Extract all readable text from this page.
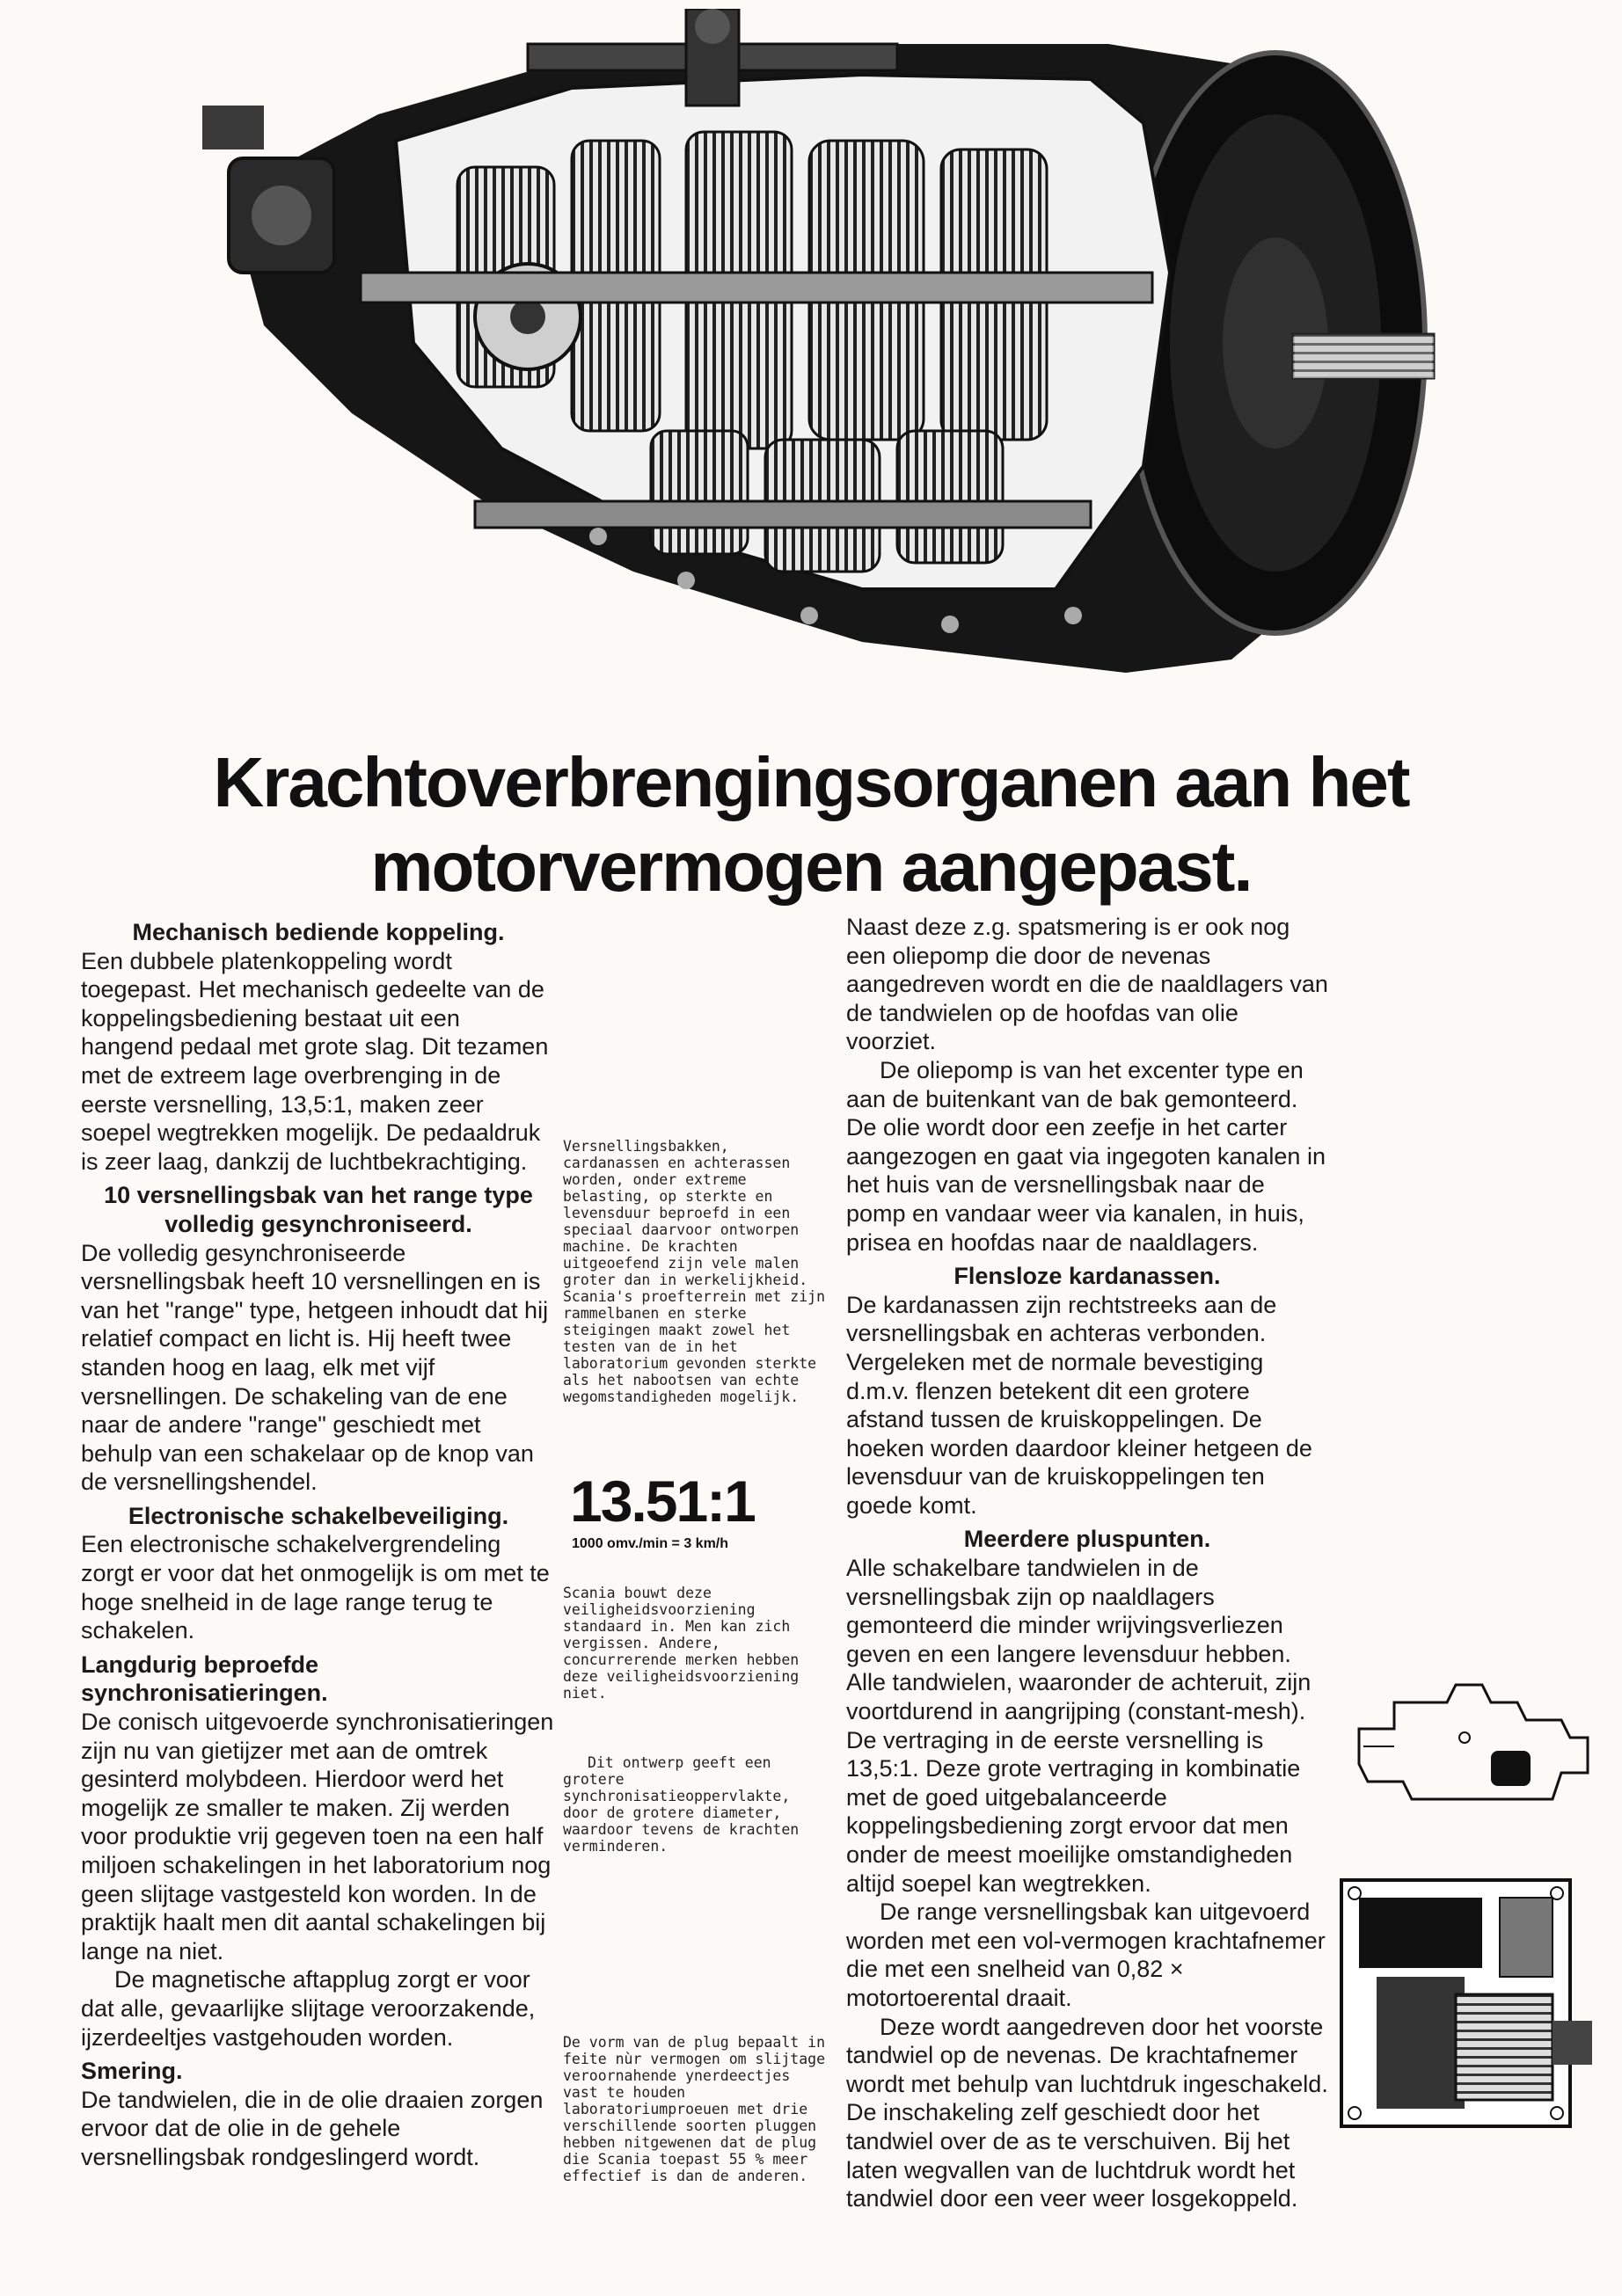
Krachtoverbrengingsorganen aan het
motorvermogen aangepast.
Mechanisch bediende koppeling.

Een dubbele platenkoppeling wordt toegepast. Het mechanisch gedeelte van de koppelingsbediening bestaat uit een hangend pedaal met grote slag. Dit tezamen met de extreem lage overbrenging in de eerste versnelling, 13,5:1, maken zeer soepel wegtrekken mogelijk. De pedaaldruk is zeer laag, dankzij de luchtbekrachtiging.

10 versnellingsbak van het range type volledig gesynchroniseerd.

De volledig gesynchroniseerde versnellingsbak heeft 10 versnellingen en is van het "range" type, hetgeen inhoudt dat hij relatief compact en licht is. Hij heeft twee standen hoog en laag, elk met vijf versnellingen. De schakeling van de ene naar de andere "range" geschiedt met behulp van een schakelaar op de knop van de versnellingshendel.

Electronische schakelbeveiliging.

Een electronische schakelvergrendeling zorgt er voor dat het onmogelijk is om met te hoge snelheid in de lage range terug te schakelen.

Langdurig beproefde synchronisatieringen.

De conisch uitgevoerde synchronisatieringen zijn nu van gietijzer met aan de omtrek gesinterd molybdeen. Hierdoor werd het mogelijk ze smaller te maken. Zij werden voor produktie vrij gegeven toen na een half miljoen schakelingen in het laboratorium nog geen slijtage vastgesteld kon worden. In de praktijk haalt men dit aantal schakelingen bij lange na niet.

De magnetische aftapplug zorgt er voor dat alle, gevaarlijke slijtage veroorzakende, ijzerdeeltjes vastgehouden worden.

Smering.

De tandwielen, die in de olie draaien zorgen ervoor dat de olie in de gehele versnellingsbak rondgeslingerd wordt.

Versnellingsbakken, cardanassen en achterassen worden, onder extreme belasting, op sterkte en levensduur beproefd in een speciaal daarvoor ontworpen machine. De krachten uitgeoefend zijn vele malen groter dan in werkelijkheid. Scania's proefterrein met zijn rammelbanen en sterke steigingen maakt zowel het testen van de in het laboratorium gevonden sterkte als het nabootsen van echte wegomstandigheden mogelijk.

13.51:1
1000 omv./min = 3 km/h

Scania bouwt deze veiligheidsvoorziening standaard in. Men kan zich vergissen. Andere, concurrerende merken hebben deze veiligheidsvoorziening niet.

Dit ontwerp geeft een grotere synchronisatieoppervlakte, door de grotere diameter, waardoor tevens de krachten verminderen.

De vorm van de plug bepaalt in feite nùr vermogen om slijtage veroornahende ynerdeectjes vast te houden laboratoriumproeuen met drie verschillende soorten pluggen hebben nitgewenen dat de plug die Scania toepast 55 % meer effectief is dan de anderen.

Naast deze z.g. spatsmering is er ook nog een oliepomp die door de nevenas aangedreven wordt en die de naaldlagers van de tandwielen op de hoofdas van olie voorziet.

De oliepomp is van het excenter type en aan de buitenkant van de bak gemonteerd. De olie wordt door een zeefje in het carter aangezogen en gaat via ingegoten kanalen in het huis van de versnellingsbak naar de pomp en vandaar weer via kanalen, in huis, prisea en hoofdas naar de naaldlagers.

Flensloze kardanassen.

De kardanassen zijn rechtstreeks aan de versnellingsbak en achteras verbonden. Vergeleken met de normale bevestiging d.m.v. flenzen betekent dit een grotere afstand tussen de kruiskoppelingen. De hoeken worden daardoor kleiner hetgeen de levensduur van de kruiskoppelingen ten goede komt.

Meerdere pluspunten.

Alle schakelbare tandwielen in de versnellingsbak zijn op naaldlagers gemonteerd die minder wrijvingsverliezen geven en een langere levensduur hebben. Alle tandwielen, waaronder de achteruit, zijn voortdurend in aangrijping (constant-mesh). De vertraging in de eerste versnelling is 13,5:1. Deze grote vertraging in kombinatie met de goed uitgebalanceerde koppelingsbediening zorgt ervoor dat men onder de meest moeilijke omstandigheden altijd soepel kan wegtrekken.

De range versnellingsbak kan uitgevoerd worden met een vol-vermogen krachtafnemer die met een snelheid van 0,82 × motortoerental draait.

Deze wordt aangedreven door het voorste tandwiel op de nevenas. De krachtafnemer wordt met behulp van luchtdruk ingeschakeld. De inschakeling zelf geschiedt door het tandwiel over de as te verschuiven. Bij het laten wegvallen van de luchtdruk wordt het tandwiel door een veer weer losgekoppeld.
